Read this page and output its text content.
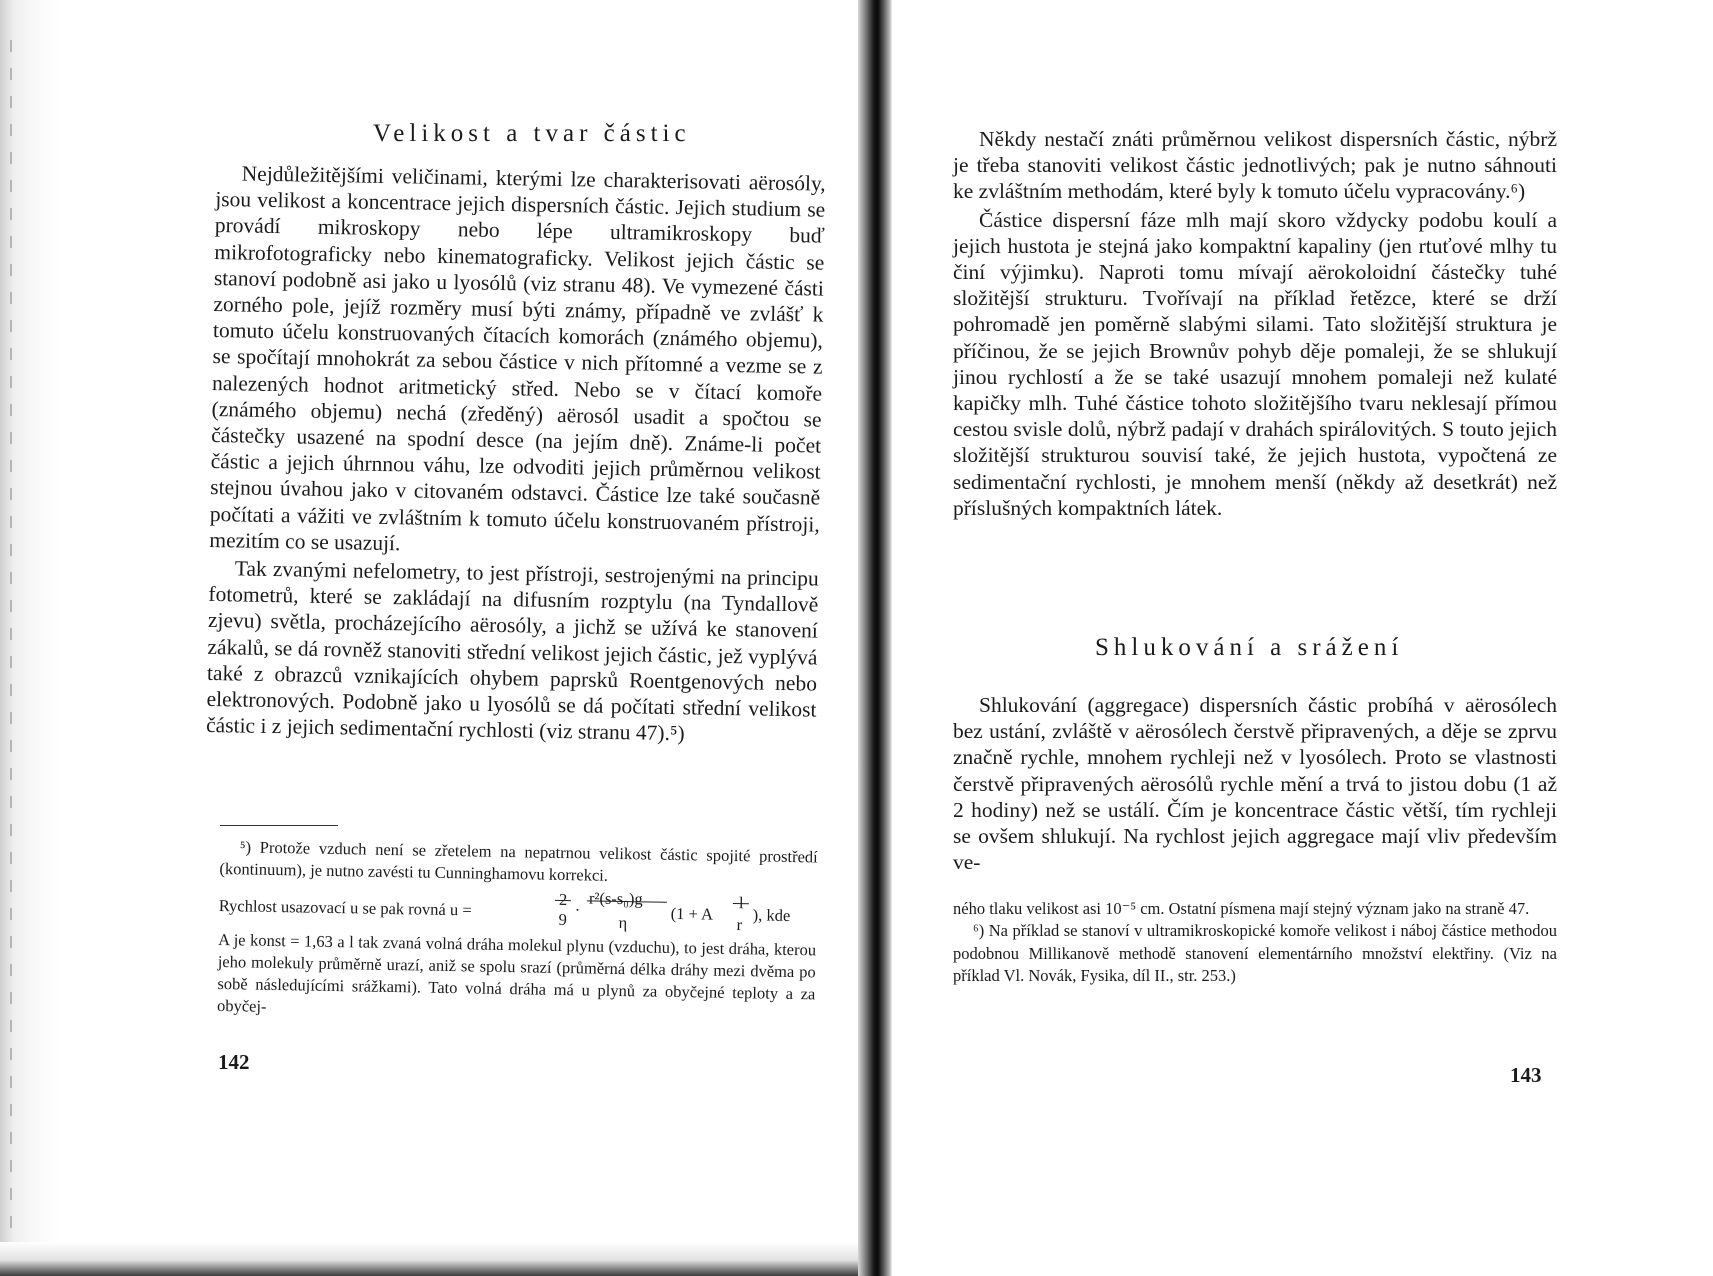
Velikost a tvar částic

Nejdůležitějšími veličinami, kterými lze charakterisovati aërosóly, jsou velikost a koncentrace jejich dispersních částic. Jejich studium se provádí mikroskopy nebo lépe ultramikroskopy buď mikrofotograficky nebo kinematograficky. Velikost jejich částic se stanoví podobně asi jako u lyosólů (viz stranu 48). Ve vymezené části zorného pole, jejíž rozměry musí býti známy, případně ve zvlášť k tomuto účelu konstruovaných čítacích komorách (známého objemu), se spočítají mnohokrát za sebou částice v nich přítomné a vezme se z nalezených hodnot aritmetický střed. Nebo se v čítací komoře (známého objemu) nechá (zředěný) aërosól usadit a spočtou se částečky usazené na spodní desce (na jejím dně). Známe-li počet částic a jejich úhrnnou váhu, lze odvoditi jejich průměrnou velikost stejnou úvahou jako v citovaném odstavci. Částice lze také současně počítati a vážiti ve zvláštním k tomuto účelu konstruovaném přístroji, mezitím co se usazují.

Tak zvanými nefelometry, to jest přístroji, sestrojenými na principu fotometrů, které se zakládají na difusním rozptylu (na Tyndallově zjevu) světla, procházejícího aërosóly, a jichž se užívá ke stanovení zákalů, se dá rovněž stanoviti střední velikost jejich částic, jež vyplývá také z obrazců vznikajících ohybem paprsků Roentgenových nebo elektronových. Podobně jako u lyosólů se dá počítati střední velikost částic i z jejich sedimentační rychlosti (viz stranu 47).⁵)

⁵) Protože vzduch není se zřetelem na nepatrnou velikost částic spojité prostředí (kontinuum), je nutno zavésti tu Cunninghamovu korrekci.

Rychlost usazovací u se pak rovná u =	2
9
·
r²(s-s₀)g
η	(1 + A
l
r ), kde

A je konst = 1,63 a l tak zvaná volná dráha molekul plynu (vzduchu), to jest dráha, kterou jeho molekuly průměrně urazí, aniž se spolu srazí (průměrná délka dráhy mezi dvěma po sobě následujícími srážkami). Tato volná dráha má u plynů za obyčejné teploty a za obyčej-

142

Někdy nestačí znáti průměrnou velikost dispersních částic, nýbrž je třeba stanoviti velikost částic jednotlivých; pak je nutno sáhnouti ke zvláštním methodám, které byly k tomuto účelu vypracovány.⁶)

Částice dispersní fáze mlh mají skoro vždycky podobu koulí a jejich hustota je stejná jako kompaktní kapaliny (jen rtuťové mlhy tu činí výjimku). Naproti tomu mívají aërokoloidní částečky tuhé složitější strukturu. Tvořívají na příklad řetězce, které se drží pohromadě jen poměrně slabými silami. Tato složitější struktura je příčinou, že se jejich Brownův pohyb děje pomaleji, že se shlukují jinou rychlostí a že se také usazují mnohem pomaleji než kulaté kapičky mlh. Tuhé částice tohoto složitějšího tvaru neklesají přímou cestou svisle dolů, nýbrž padají v drahách spirálovitých. S touto jejich složitější strukturou souvisí také, že jejich hustota, vypočtená ze sedimentační rychlosti, je mnohem menší (někdy až desetkrát) než příslušných kompaktních látek.

Shlukování a srážení

Shlukování (aggregace) dispersních částic probíhá v aërosólech bez ustání, zvláště v aërosólech čerstvě připravených, a děje se zprvu značně rychle, mnohem rychleji než v lyosólech. Proto se vlastnosti čerstvě připravených aërosólů rychle mění a trvá to jistou dobu (1 až 2 hodiny) než se ustálí. Čím je koncentrace částic větší, tím rychleji se ovšem shlukují. Na rychlost jejich aggregace mají vliv především ve-

ného tlaku velikost asi 10⁻⁵ cm. Ostatní písmena mají stejný význam jako na straně 47.

⁶) Na příklad se stanoví v ultramikroskopické komoře velikost i náboj částice methodou podobnou Millikanově methodě stanovení elementárního množství elektřiny. (Viz na příklad Vl. Novák, Fysika, díl II., str. 253.)

143
